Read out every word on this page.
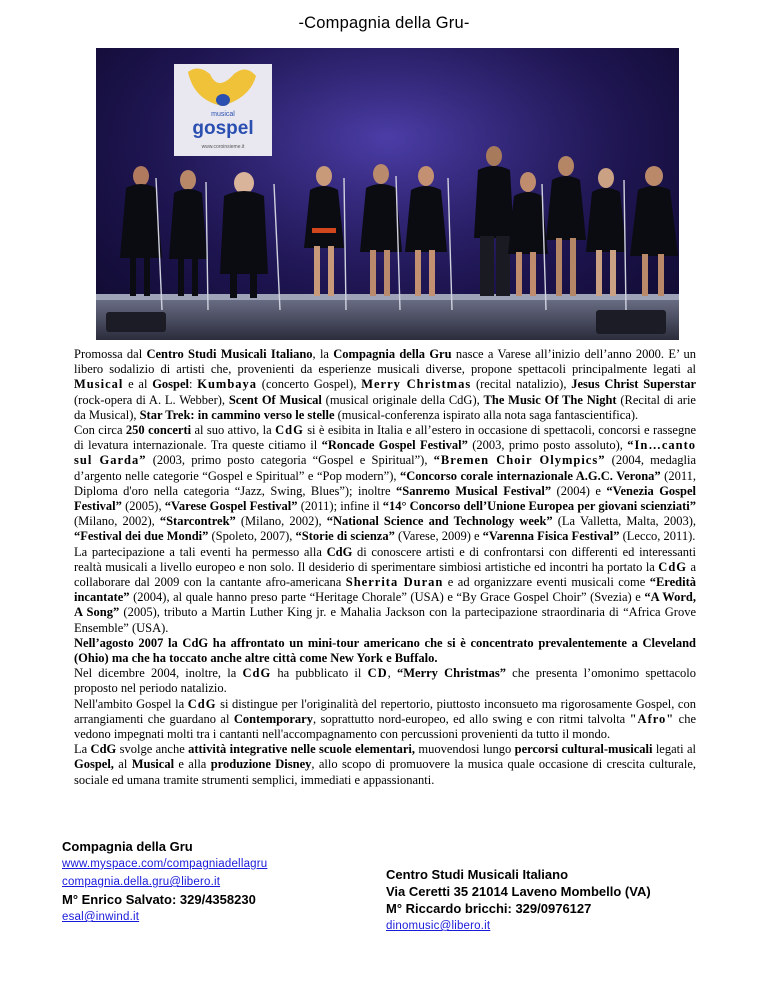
-Compagnia della Gru-
musical
gospel
www.coroinsieme.it

Promossa dal Centro Studi Musicali Italiano, la Compagnia della Gru nasce a Varese all’inizio dell’anno 2000. E’ un libero sodalizio di artisti che, provenienti da esperienze musicali diverse, propone spettacoli principalmente legati al Musical e al Gospel: Kumbaya (concerto Gospel), Merry Christmas (recital natalizio), Jesus Christ Superstar (rock-opera di A. L. Webber), Scent Of Musical (musical originale della CdG), The Music Of The Night (Recital di arie da Musical), Star Trek: in cammino verso le stelle (musical-conferenza ispirato alla nota saga fantascientifica).

Con circa 250 concerti al suo attivo, la CdG si è esibita in Italia e all’estero in occasione di spettacoli, concorsi e rassegne di levatura internazionale. Tra queste citiamo il “Roncade Gospel Festival” (2003, primo posto assoluto), “In…canto sul Garda” (2003, primo posto categoria “Gospel e Spiritual”), “Bremen Choir Olympics” (2004, medaglia d’argento nelle categorie “Gospel e Spiritual” e “Pop modern”), “Concorso corale internazionale A.G.C. Verona” (2011, Diploma d'oro nella categoria “Jazz, Swing, Blues”); inoltre “Sanremo Musical Festival” (2004) e “Venezia Gospel Festival” (2005), “Varese Gospel Festival” (2011); infine il “14° Concorso dell’Unione Europea per giovani scienziati” (Milano, 2002), “Starcontrek” (Milano, 2002), “National Science and Technology week” (La Valletta, Malta, 2003), “Festival dei due Mondi” (Spoleto, 2007), “Storie di scienza” (Varese, 2009) e “Varenna Fisica Festival” (Lecco, 2011).

La partecipazione a tali eventi ha permesso alla CdG di conoscere artisti e di confrontarsi con differenti ed interessanti realtà musicali a livello europeo e non solo. Il desiderio di sperimentare simbiosi artistiche ed incontri ha portato la CdG a collaborare dal 2009 con la cantante afro-americana Sherrita Duran e ad organizzare eventi musicali come “Eredità incantate” (2004), al quale hanno preso parte “Heritage Chorale” (USA) e “By Grace Gospel Choir” (Svezia) e “A Word, A Song” (2005), tributo a Martin Luther King jr. e Mahalia Jackson con la partecipazione straordinaria di “Africa Grove Ensemble” (USA).

Nell’agosto 2007 la CdG ha affrontato un mini-tour americano che si è concentrato prevalentemente a Cleveland (Ohio) ma che ha toccato anche altre città come New York e Buffalo.

Nel dicembre 2004, inoltre, la CdG ha pubblicato il CD, “Merry Christmas” che presenta l’omonimo spettacolo proposto nel periodo natalizio.

Nell'ambito Gospel la CdG si distingue per l'originalità del repertorio, piuttosto inconsueto ma rigorosamente Gospel, con arrangiamenti che guardano al Contemporary, soprattutto nord-europeo, ed allo swing e con ritmi talvolta "Afro" che vedono impegnati molti tra i cantanti nell'accompagnamento con percussioni provenienti da tutto il mondo.

La CdG svolge anche attività integrative nelle scuole elementari, muovendosi lungo percorsi cultural-musicali legati al Gospel, al Musical e alla produzione Disney, allo scopo di promuovere la musica quale occasione di crescita culturale, sociale ed umana tramite strumenti semplici, immediati e appassionanti.

Compagnia della Gru
www.myspace.com/compagniadellagru
compagnia.della.gru@libero.it
M° Enrico Salvato: 329/4358230
esal@inwind.it
Centro Studi Musicali Italiano
Via Ceretti 35 21014 Laveno Mombello (VA)
M° Riccardo bricchi: 329/0976127
dinomusic@libero.it
